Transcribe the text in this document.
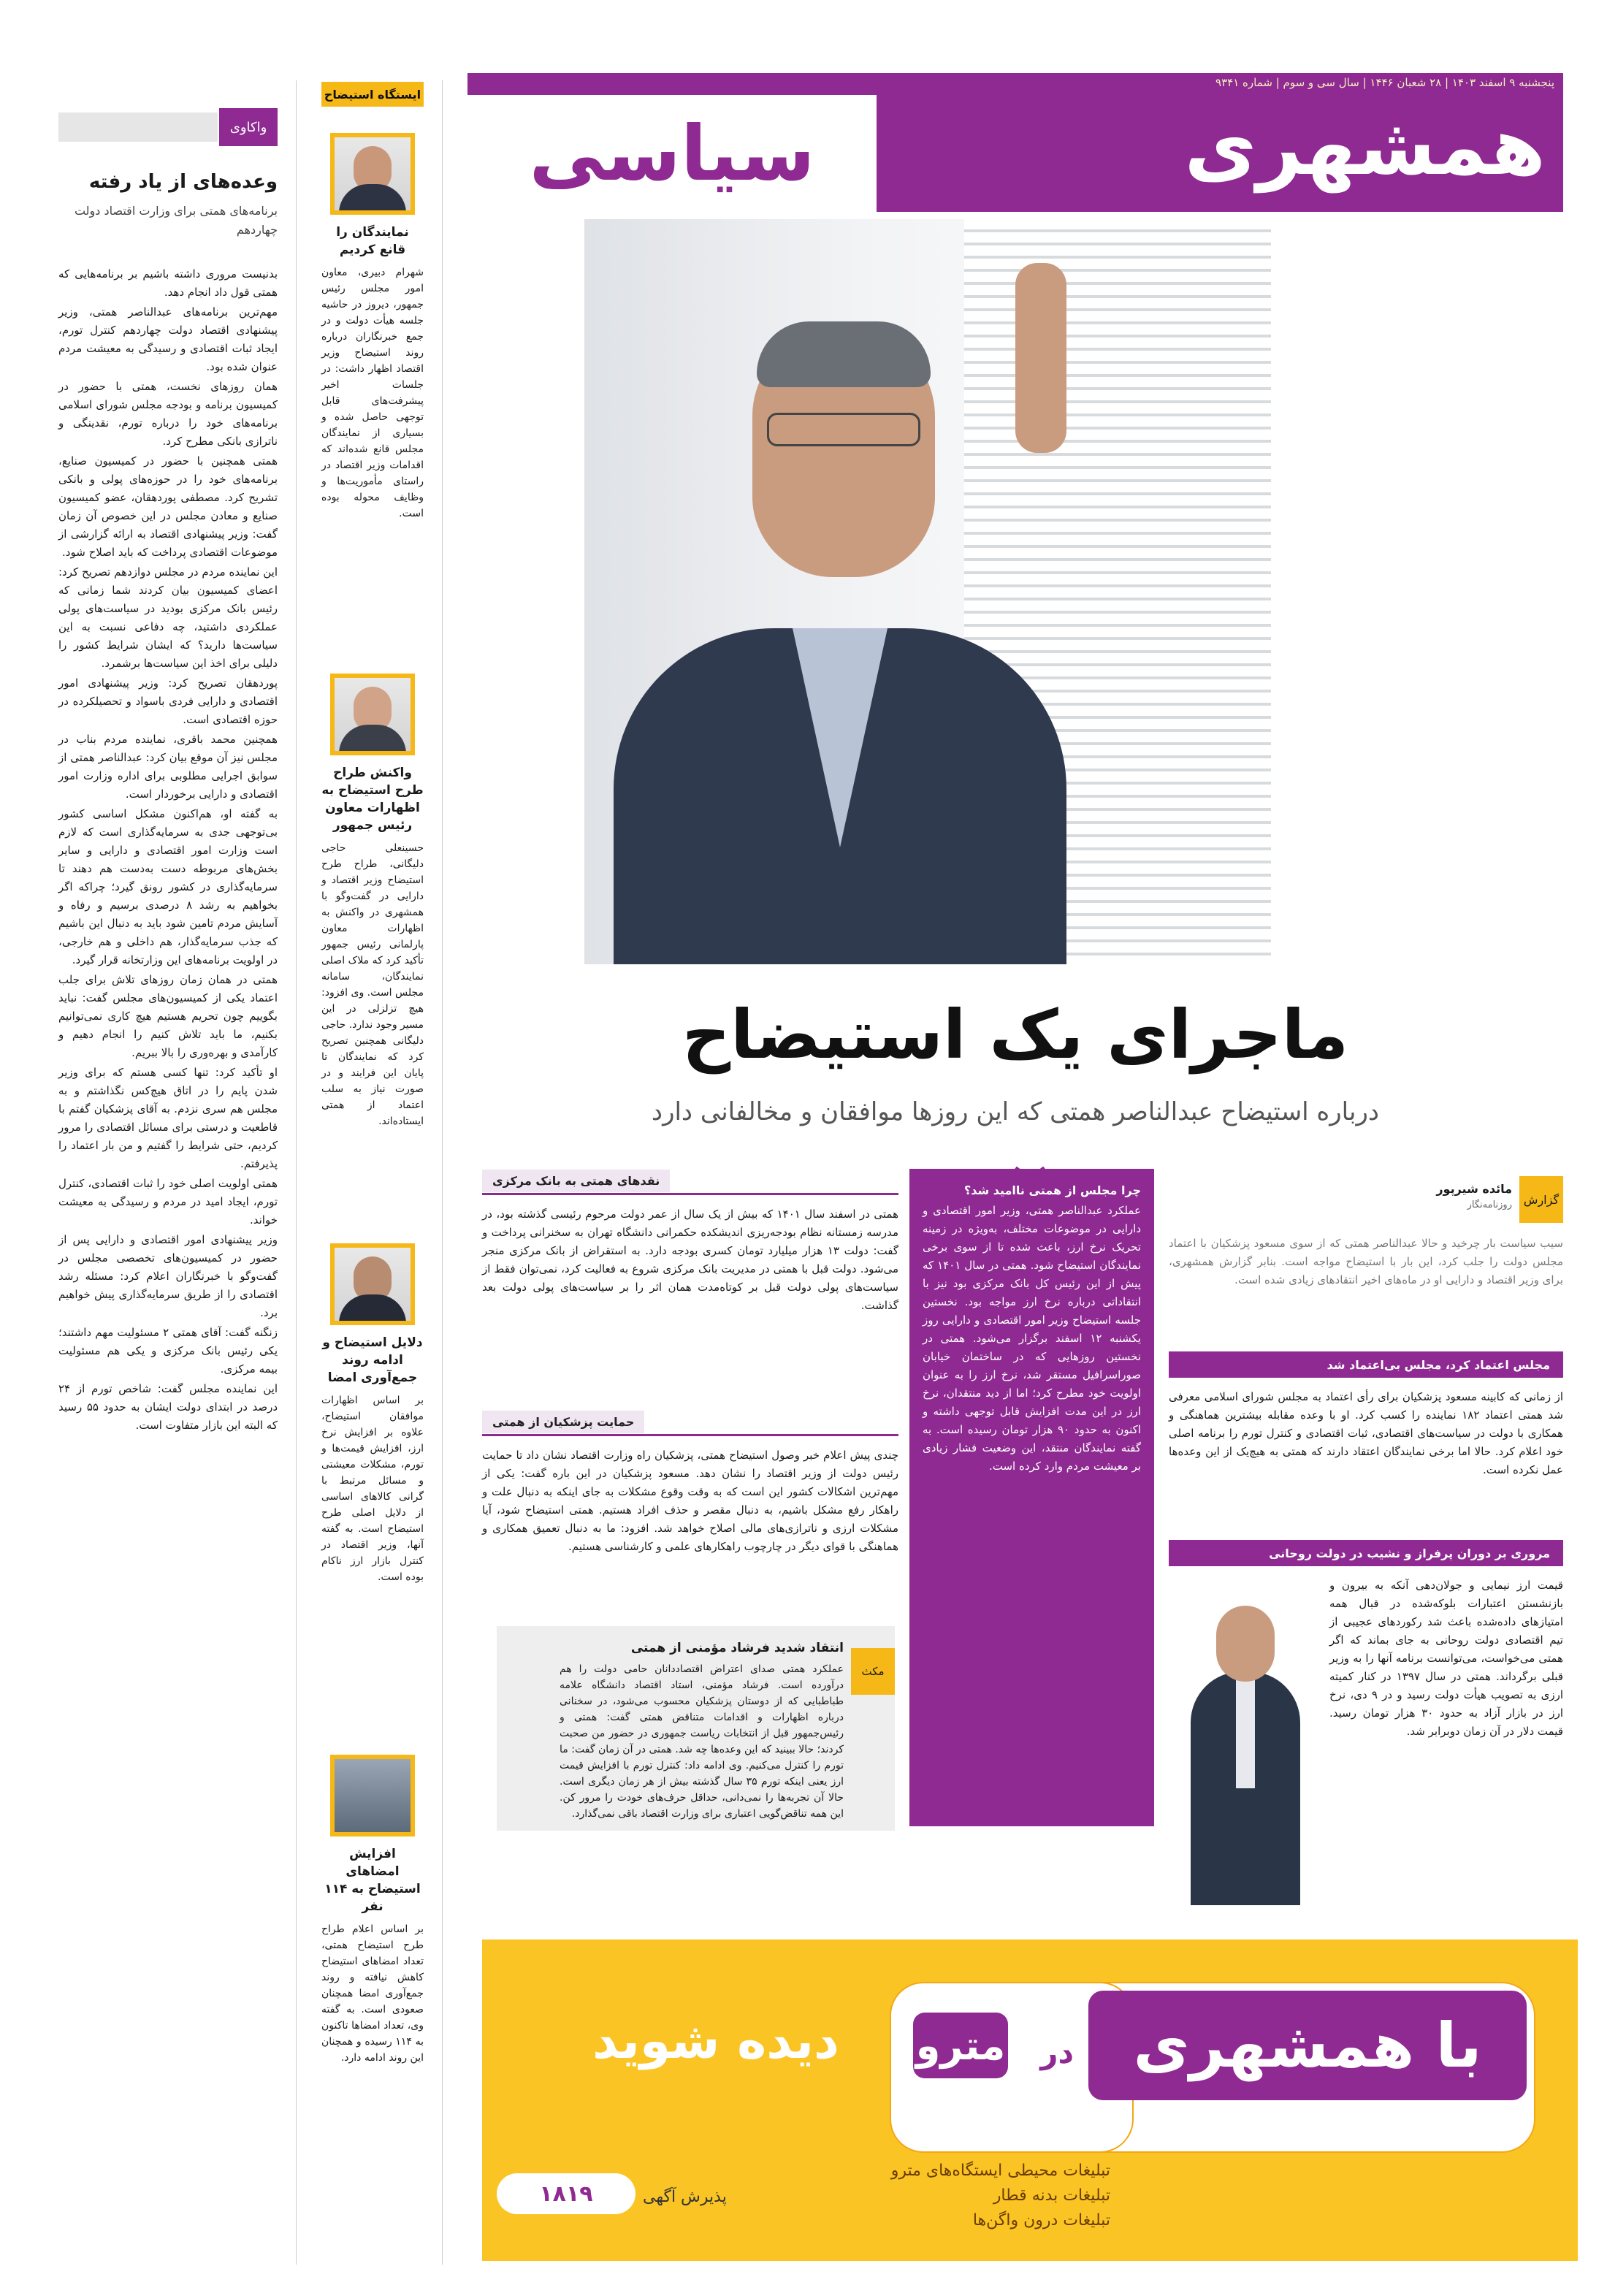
پنجشنبه ۹ اسفند ۱۴۰۳ | ۲۸ شعبان ۱۴۴۶ | سال سی و سوم | شماره ۹۳۴۱
همشهری
سیاسی
واکاوی
وعده‌های از یاد رفته
برنامه‌های همتی برای وزارت اقتصاد دولت چهاردهم

بدنیست مروری داشته باشیم بر برنامه‌هایی که همتی قول داد انجام دهد.

مهم‌ترین برنامه‌های عبدالناصر همتی، وزیر پیشنهادی اقتصاد دولت چهاردهم کنترل تورم، ایجاد ثبات اقتصادی و رسیدگی به معیشت مردم عنوان شده بود.

همان روزهای نخست، همتی با حضور در کمیسیون برنامه و بودجه مجلس شورای اسلامی برنامه‌های خود را درباره تورم، نقدینگی و ناترازی بانکی مطرح کرد.

همتی همچنین با حضور در کمیسیون صنایع، برنامه‌های خود را در حوزه‌های پولی و بانکی تشریح کرد. مصطفی پوردهقان، عضو کمیسیون صنایع و معادن مجلس در این خصوص آن زمان گفت: وزیر پیشنهادی اقتصاد به ارائه گزارشی از موضوعات اقتصادی پرداخت که باید اصلاح شود.

این نماینده مردم در مجلس دوازدهم تصریح کرد: اعضای کمیسیون بیان کردند شما زمانی که رئیس بانک مرکزی بودید در سیاست‌های پولی عملکردی داشتید، چه دفاعی نسبت به این سیاست‌ها دارید؟ که ایشان شرایط کشور را دلیلی برای اخذ این سیاست‌ها برشمرد.

پوردهقان تصریح کرد: وزیر پیشنهادی امور اقتصادی و دارایی فردی باسواد و تحصیلکرده در حوزه اقتصادی است.

همچنین محمد باقری، نماینده مردم بناب در مجلس نیز آن موقع بیان کرد: عبدالناصر همتی از سوابق اجرایی مطلوبی برای اداره وزارت امور اقتصادی و دارایی برخوردار است.

به گفته او، هم‌اکنون مشکل اساسی کشور بی‌توجهی جدی به سرمایه‌گذاری است که لازم است وزارت امور اقتصادی و دارایی و سایر بخش‌های مربوطه دست به‌دست هم دهند تا سرمایه‌گذاری در کشور رونق گیرد؛ چراکه اگر بخواهیم به رشد ۸ درصدی برسیم و رفاه و آسایش مردم تامین شود باید به دنبال این باشیم که جذب سرمایه‌گذار، هم داخلی و هم خارجی، در اولویت برنامه‌های این وزارتخانه قرار گیرد.

همتی در همان زمان روزهای تلاش برای جلب اعتماد یکی از کمیسیون‌های مجلس گفت: نباید بگوییم چون تحریم هستیم هیچ کاری نمی‌توانیم بکنیم، ما باید تلاش کنیم را انجام دهیم و کارآمدی و بهره‌وری را بالا ببریم.

او تأکید کرد: تنها کسی هستم که برای وزیر شدن پایم را در اتاق هیچ‌کس نگذاشتم و به مجلس هم سری نزدم. به آقای پزشکیان گفتم با قاطعیت و درستی برای مسائل اقتصادی را مرور کردیم، حتی شرایط را گفتیم و من بار اعتماد را پذیرفتم.

همتی اولویت اصلی خود را ثبات اقتصادی، کنترل تورم، ایجاد امید در مردم و رسیدگی به معیشت خواند.

وزیر پیشنهادی امور اقتصادی و دارایی پس از حضور در کمیسیون‌های تخصصی مجلس در گفت‌وگو با خبرنگاران اعلام کرد: مسئله رشد اقتصادی را از طریق سرمایه‌گذاری پیش خواهیم برد.

زنگنه گفت: آقای همتی ۲ مسئولیت مهم داشتند؛ یکی رئیس بانک مرکزی و یکی هم مسئولیت بیمه مرکزی.

این نماینده مجلس گفت: شاخص تورم از ۲۴ درصد در ابتدای دولت ایشان به حدود ۵۵ رسید که البته این بازار متفاوت است.

ایستگاه استیضاح
نمایندگان را قانع کردیم

شهرام دبیری، معاون امور مجلس رئیس جمهور، دیروز در حاشیه جلسه هیأت دولت و در جمع خبرنگاران درباره روند استیضاح وزیر اقتصاد اظهار داشت: در جلسات اخیر پیشرفت‌های قابل توجهی حاصل شده و بسیاری از نمایندگان مجلس قانع شده‌اند که اقدامات وزیر اقتصاد در راستای مأموریت‌ها و وظایف محوله بوده است.

واکنش طراح طرح استیضاح به اظهارات معاون رئیس جمهور

حسینعلی حاجی دلیگانی، طراح طرح استیضاح وزیر اقتصاد و دارایی در گفت‌وگو با همشهری در واکنش به اظهارات معاون پارلمانی رئیس جمهور تأکید کرد که ملاک اصلی نمایندگان، سامانه مجلس است. وی افزود: هیچ تزلزلی در این مسیر وجود ندارد. حاجی دلیگانی همچنین تصریح کرد که نمایندگان تا پایان این فرایند و در صورت نیاز به سلب اعتماد از همتی ایستاده‌اند.

دلایل استیضاح و ادامه روند جمع‌آوری امضا

بر اساس اظهارات موافقان استیضاح، علاوه بر افزایش نرخ ارز، افزایش قیمت‌ها و تورم، مشکلات معیشتی و مسائل مرتبط با گرانی کالاهای اساسی از دلایل اصلی طرح استیضاح است. به گفته آنها، وزیر اقتصاد در کنترل بازار ارز ناکام بوده است.

افزایش امضاهای استیضاح به ۱۱۴ نفر

بر اساس اعلام طراح طرح استیضاح همتی، تعداد امضاهای استیضاح کاهش نیافته و روند جمع‌آوری امضا همچنان صعودی است. به گفته وی، تعداد امضاها تاکنون به ۱۱۴ رسیده و همچنان این روند ادامه دارد.

ماجرای یک استیضاح
درباره استیضاح عبدالناصر همتی که این روزها موافقان و مخالفانی دارد
گزارش
مائده شیرپور
روزنامه‌نگار

سیب سیاست بار چرخید و حالا عبدالناصر همتی که از سوی مسعود پزشکیان با اعتماد مجلس دولت را جلب کرد، این بار با استیضاح مواجه است. بنابر گزارش همشهری، برای وزیر اقتصاد و دارایی او در ماه‌های اخیر انتقادهای زیادی شده است.

مجلس اعتماد کرد، مجلس بی‌اعتماد شد

از زمانی که کابینه مسعود پزشکیان برای رأی اعتماد به مجلس شورای اسلامی معرفی شد همتی اعتماد ۱۸۲ نماینده را کسب کرد. او با وعده مقابله بیشترین هماهنگی و همکاری با دولت در سیاست‌های اقتصادی، ثبات اقتصادی و کنترل تورم را برنامه اصلی خود اعلام کرد. حالا اما برخی نمایندگان اعتقاد دارند که همتی به هیچ‌یک از این وعده‌ها عمل نکرده است.

مروری بر دوران پرفراز و نشیب در دولت روحانی

قیمت ارز نیمایی و جولان‌دهی آنکه به بیرون و بازنشستن اعتبارات بلوکه‌شده در قبال همه امتیازهای داده‌شده باعث شد رکوردهای عجیبی از تیم اقتصادی دولت روحانی به جای بماند که اگر همتی می‌خواست، می‌توانست برنامه آنها را به وزیر قبلی برگرداند. همتی در سال ۱۳۹۷ در کنار کمیته ارزی به تصویب هیأت دولت رسید و در ۹ دی، نرخ ارز در بازار آزاد به حدود ۳۰ هزار تومان رسید. قیمت دلار در آن زمان دوبرابر شد.

چرا مجلس از همتی ناامید شد؟

عملکرد عبدالناصر همتی، وزیر امور اقتصادی و دارایی در موضوعات مختلف، به‌ویژه در زمینه تحریک نرخ ارز، باعث شده تا از سوی برخی نمایندگان استیضاح شود. همتی در سال ۱۴۰۱ که پیش از این رئیس کل بانک مرکزی بود نیز با انتقاداتی درباره نرخ ارز مواجه بود. نخستین جلسه استیضاح وزیر امور اقتصادی و دارایی روز یکشنبه ۱۲ اسفند برگزار می‌شود. همتی در نخستین روزهایی که در ساختمان خیابان صوراسرافیل مستقر شد، نرخ ارز را به عنوان اولویت خود مطرح کرد؛ اما از دید منتقدان، نرخ ارز در این مدت افزایش قابل توجهی داشته و اکنون به حدود ۹۰ هزار تومان رسیده است. به گفته نمایندگان منتقد، این وضعیت فشار زیادی بر معیشت مردم وارد کرده است.

نقدهای همتی به بانک مرکزی

همتی در اسفند سال ۱۴۰۱ که بیش از یک سال از عمر دولت مرحوم رئیسی گذشته بود، در مدرسه زمستانه نظام بودجه‌ریزی اندیشکده حکمرانی دانشگاه تهران به سخنرانی پرداخت و گفت: دولت ۱۳ هزار میلیارد تومان کسری بودجه دارد. به استقراض از بانک مرکزی منجر می‌شود. دولت قبل با همتی در مدیریت بانک مرکزی شروع به فعالیت کرد، نمی‌توان فقط از سیاست‌های پولی دولت قبل بر کوتاه‌مدت همان اثر را بر سیاست‌های پولی دولت بعد گذاشت.

حمایت پزشکیان از همتی

چندی پیش اعلام خبر وصول استیضاح همتی، پزشکیان راه وزارت اقتصاد نشان داد تا حمایت رئیس دولت از وزیر اقتصاد را نشان دهد. مسعود پزشکیان در این باره گفت: یکی از مهم‌ترین اشکالات کشور این است که به وقت وقوع مشکلات به جای اینکه به دنبال علت و راهکار رفع مشکل باشیم، به دنبال مقصر و حذف افراد هستیم. همتی استیضاح شود، آیا مشکلات ارزی و ناترازی‌های مالی اصلاح خواهد شد. افزود: ما به دنبال تعمیق همکاری و هماهنگی با قوای دیگر در چارچوب راهکارهای علمی و کارشناسی هستیم.

مکث
انتقاد شدید فرشاد مؤمنی از همتی

عملکرد همتی صدای اعتراض اقتصاددانان حامی دولت را هم درآورده است. فرشاد مؤمنی، استاد اقتصاد دانشگاه علامه طباطبایی که از دوستان پزشکیان محسوب می‌شود، در سخنانی درباره اظهارات و اقدامات متناقض همتی گفت: همتی و رئیس‌جمهور قبل از انتخابات ریاست جمهوری در حضور من صحبت کردند؛ حالا ببینید که این وعده‌ها چه شد. همتی در آن زمان گفت: ما تورم را کنترل می‌کنیم. وی ادامه داد: کنترل تورم با افزایش قیمت ارز یعنی اینکه تورم ۳۵ سال گذشته بیش از هر زمان دیگری است. حالا آن تجربه‌ها را نمی‌دانی، حداقل حرف‌های خودت را مرور کن. این همه تناقض‌گویی اعتباری برای وزارت اقتصاد باقی نمی‌گذارد.

با همشهری
در
مترو
دیده شوید
تبلیغات محیطی ایستگاه‌های مترو
تبلیغات بدنه قطار
تبلیغات درون واگن‌ها
پذیرش آگهی
۱۸۱۹
